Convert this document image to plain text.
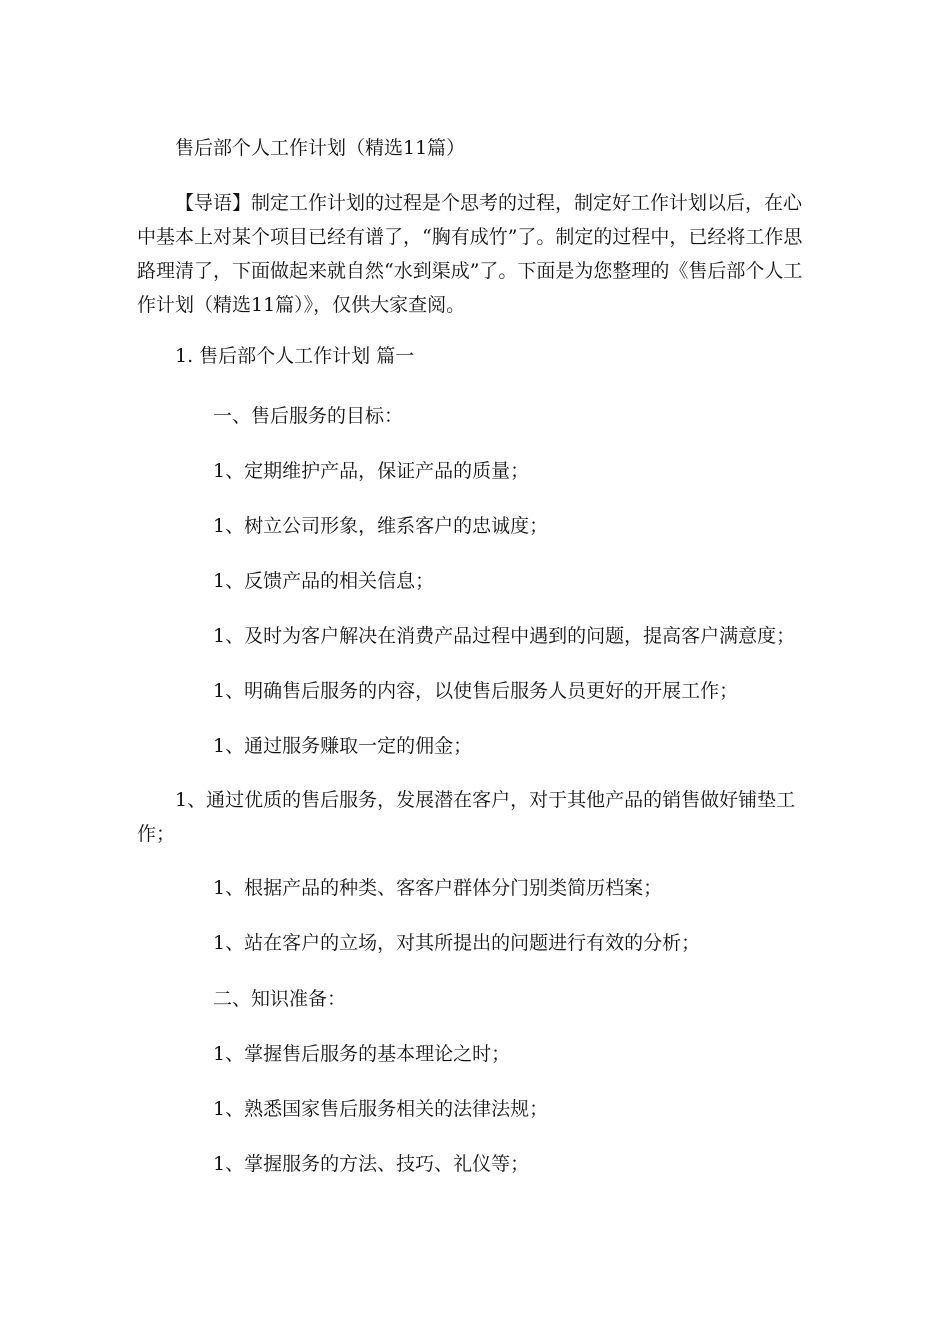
售后部个人工作计划（精选11篇）
【导语】制定工作计划的过程是个思考的过程，制定好工作计划以后，在心中基本上对某个项目已经有谱了，“胸有成竹”了。制定的过程中，已经将工作思路理清了，下面做起来就自然“水到渠成”了。下面是为您整理的《售后部个人工作计划（精选11篇）》，仅供大家查阅。
1. 售后部个人工作计划 篇一
一、售后服务的目标：
1、定期维护产品，保证产品的质量；
1、树立公司形象，维系客户的忠诚度；
1、反馈产品的相关信息；
1、及时为客户解决在消费产品过程中遇到的问题，提高客户满意度；
1、明确售后服务的内容，以使售后服务人员更好的开展工作；
1、通过服务赚取一定的佣金；
1、通过优质的售后服务，发展潜在客户，对于其他产品的销售做好铺垫工作；
1、根据产品的种类、客客户群体分门别类简历档案；
1、站在客户的立场，对其所提出的问题进行有效的分析；
二、知识准备：
1、掌握售后服务的基本理论之时；
1、熟悉国家售后服务相关的法律法规；
1、掌握服务的方法、技巧、礼仪等；
